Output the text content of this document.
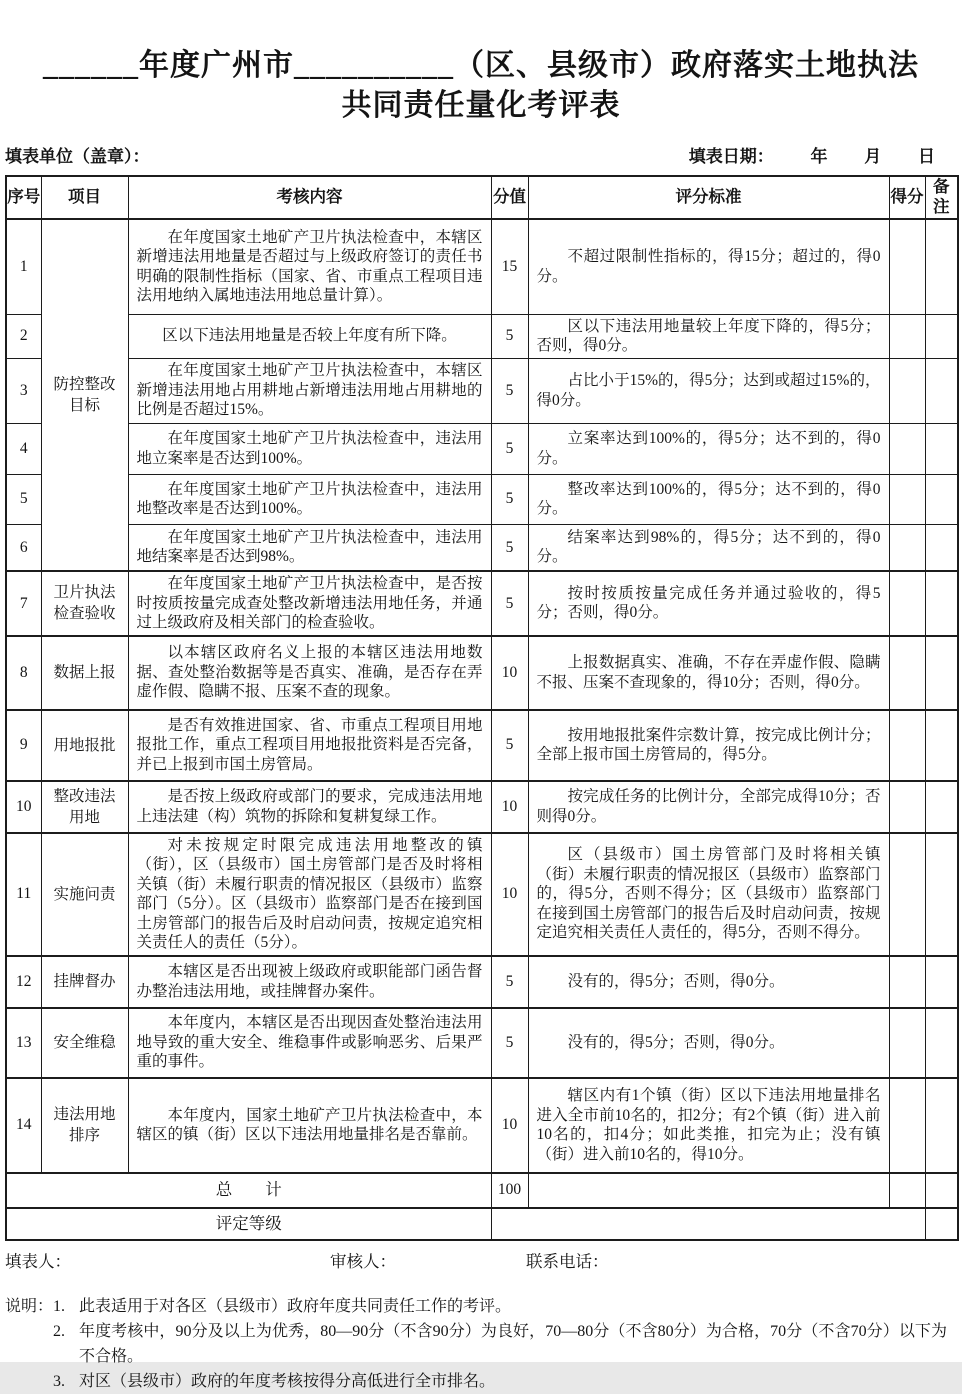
______年度广州市__________（区、县级市）政府落实土地执法
共同责任量化考评表
填表单位（盖章）：	填表日期： 年 月 日
序号	项目	考核内容	分值	评分标准	得分	备注
1	防控整改目标	在年度国家土地矿产卫片执法检查中，本辖区新增违法用地量是否超过与上级政府签订的责任书明确的限制性指标（国家、省、市重点工程项目违法用地纳入属地违法用地总量计算）。	15	不超过限制性指标的，得15分；超过的，得0分。		

2		区以下违法用地量是否较上年度有所下降。	5	区以下违法用地量较上年度下降的，得5分；否则，得0分。		

3		在年度国家土地矿产卫片执法检查中，本辖区新增违法用地占用耕地占新增违法用地占用耕地的比例是否超过15%。	5	占比小于15%的，得5分；达到或超过15%的，得0分。		

4		在年度国家土地矿产卫片执法检查中，违法用地立案率是否达到100%。	5	立案率达到100%的，得5分；达不到的，得0分。		

5		在年度国家土地矿产卫片执法检查中，违法用地整改率是否达到100%。	5	整改率达到100%的，得5分；达不到的，得0分。		

6		在年度国家土地矿产卫片执法检查中，违法用地结案率是否达到98%。	5	结案率达到98%的，得5分；达不到的，得0分。		

7	卫片执法检查验收	在年度国家土地矿产卫片执法检查中，是否按时按质按量完成查处整改新增违法用地任务，并通过上级政府及相关部门的检查验收。	5	按时按质按量完成任务并通过验收的，得5分；否则，得0分。		

8	数据上报	以本辖区政府名义上报的本辖区违法用地数据、查处整治数据等是否真实、准确，是否存在弄虚作假、隐瞒不报、压案不查的现象。	10	上报数据真实、准确，不存在弄虚作假、隐瞒不报、压案不查现象的，得10分；否则，得0分。		

9	用地报批	是否有效推进国家、省、市重点工程项目用地报批工作，重点工程项目用地报批资料是否完备，并已上报到市国土房管局。	5	按用地报批案件宗数计算，按完成比例计分；全部上报市国土房管局的，得5分。		

10	整改违法用地	是否按上级政府或部门的要求，完成违法用地上违法建（构）筑物的拆除和复耕复绿工作。	10	按完成任务的比例计分，全部完成得10分；否则得0分。		

11	实施问责	对未按规定时限完成违法用地整改的镇（街），区（县级市）国土房管部门是否及时将相关镇（街）未履行职责的情况报区（县级市）监察部门（5分）。区（县级市）监察部门是否在接到国土房管部门的报告后及时启动问责，按规定追究相关责任人的责任（5分）。	10	区（县级市）国土房管部门及时将相关镇（街）未履行职责的情况报区（县级市）监察部门的，得5分，否则不得分；区（县级市）监察部门在接到国土房管部门的报告后及时启动问责，按规定追究相关责任人责任的，得5分，否则不得分。		

12	挂牌督办	本辖区是否出现被上级政府或职能部门函告督办整治违法用地，或挂牌督办案件。	5	没有的，得5分；否则，得0分。		

13	安全维稳	本年度内，本辖区是否出现因查处整治违法用地导致的重大安全、维稳事件或影响恶劣、后果严重的事件。	5	没有的，得5分；否则，得0分。		

14	违法用地排序	本年度内，国家土地矿产卫片执法检查中，本辖区的镇（街）区以下违法用地量排名是否靠前。	10	辖区内有1个镇（街）区以下违法用地量排名进入全市前10名的，扣2分；有2个镇（街）进入前10名的，扣4分；如此类推，扣完为止；没有镇（街）进入前10名的，得10分。		

总　　计			100			
评定等级						
填表人：	审核人：	联系电话：
说明： 1. 此表适用于对各区（县级市）政府年度共同责任工作的考评。
2. 年度考核中，90分及以上为优秀，80—90分（不含90分）为良好，70—80分（不含80分）为合格，70分（不含70分）以下为不合格。
3. 对区（县级市）政府的年度考核按得分高低进行全市排名。
